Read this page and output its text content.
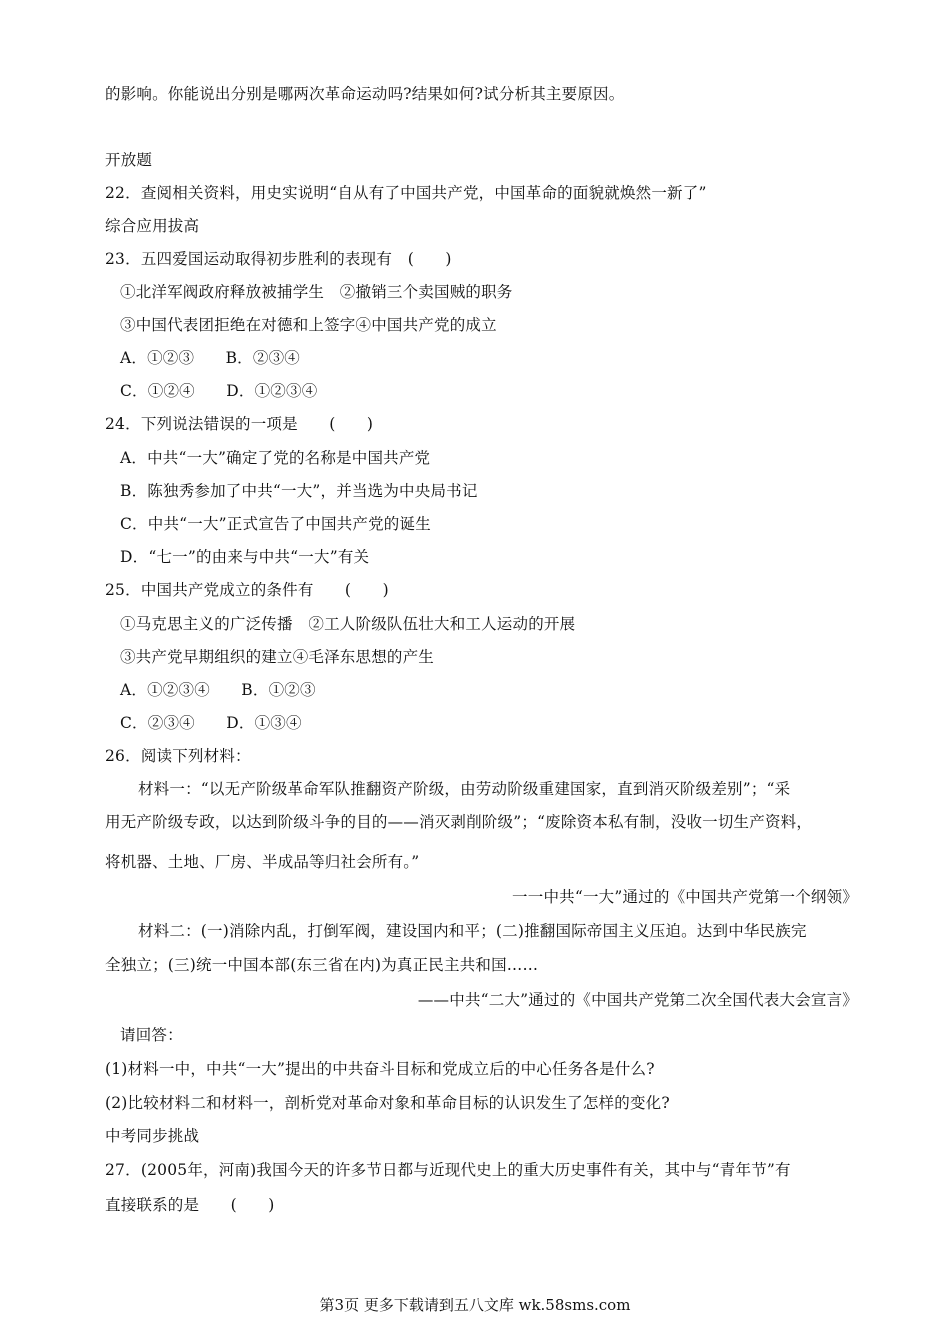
的影响。你能说出分别是哪两次革命运动吗?结果如何?试分析其主要原因。
开放题
22．查阅相关资料，用史实说明“自从有了中国共产党，中国革命的面貌就焕然一新了”
综合应用拔高
23．五四爱国运动取得初步胜利的表现有　(　　)
①北洋军阀政府释放被捕学生　②撤销三个卖国贼的职务
③中国代表团拒绝在对德和上签字④中国共产党的成立
A．①②③　　B．②③④
C．①②④　　D．①②③④
24．下列说法错误的一项是　　(　　)
A．中共“一大”确定了党的名称是中国共产党
B．陈独秀参加了中共“一大”，并当选为中央局书记
C．中共“一大”正式宣告了中国共产党的诞生
D．“七一”的由来与中共“一大”有关
25．中国共产党成立的条件有　　(　　)
①马克思主义的广泛传播　②工人阶级队伍壮大和工人运动的开展
③共产党早期组织的建立④毛泽东思想的产生
A．①②③④　　B．①②③
C．②③④　　D．①③④
26．阅读下列材料：
材料一：“以无产阶级革命军队推翻资产阶级，由劳动阶级重建国家，直到消灭阶级差别”；“采
用无产阶级专政，以达到阶级斗争的目的——消灭剥削阶级”；“废除资本私有制，没收一切生产资料，
将机器、土地、厂房、半成品等归社会所有。”
一一中共“一大”通过的《中国共产党第一个纲领》
材料二：(一)消除内乱，打倒军阀，建设国内和平；(二)推翻国际帝国主义压迫。达到中华民族完
全独立；(三)统一中国本部(东三省在内)为真正民主共和国……
——中共“二大”通过的《中国共产党第二次全国代表大会宣言》
请回答：
(1)材料一中，中共“一大”提出的中共奋斗目标和党成立后的中心任务各是什么?
(2)比较材料二和材料一，剖析党对革命对象和革命目标的认识发生了怎样的变化?
中考同步挑战
27．(2005年，河南)我国今天的许多节日都与近现代史上的重大历史事件有关，其中与“青年节”有
直接联系的是　　(　　)
第3页 更多下载请到五八文库 wk.58sms.com
